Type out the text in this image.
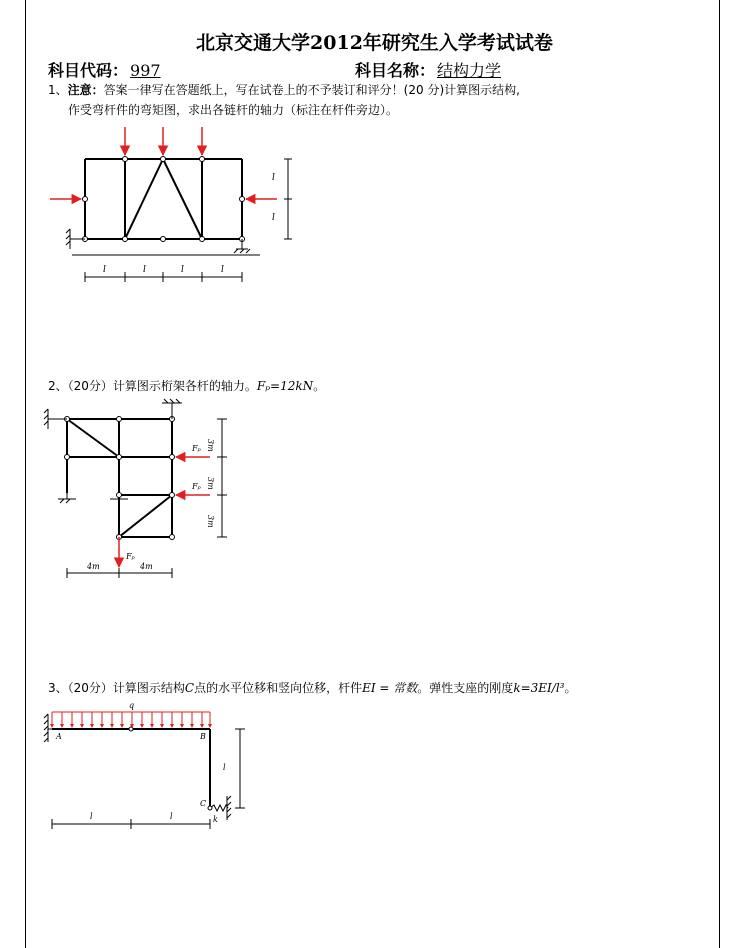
北京交通大学2012年研究生入学考试试卷
科目代码： 997	科目名称： 结构力学
1、注意：答案一律写在答题纸上，写在试卷上的不予装订和评分！(20 分)计算图示结构,
作受弯杆件的弯矩图，求出各链杆的轴力（标注在杆件旁边）。
l
l
l	l	l	l
2、（20分）计算图示桁架各杆的轴力。Fₚ=12kN。
Fₚ
Fₚ
Fₚ
4m	4m
3m
3m
3m
3、（20分）计算图示结构C点的水平位移和竖向位移，杆件EI = 常数。弹性支座的刚度k=3EI/l³。
q
A	B
C
k
l
l	l
